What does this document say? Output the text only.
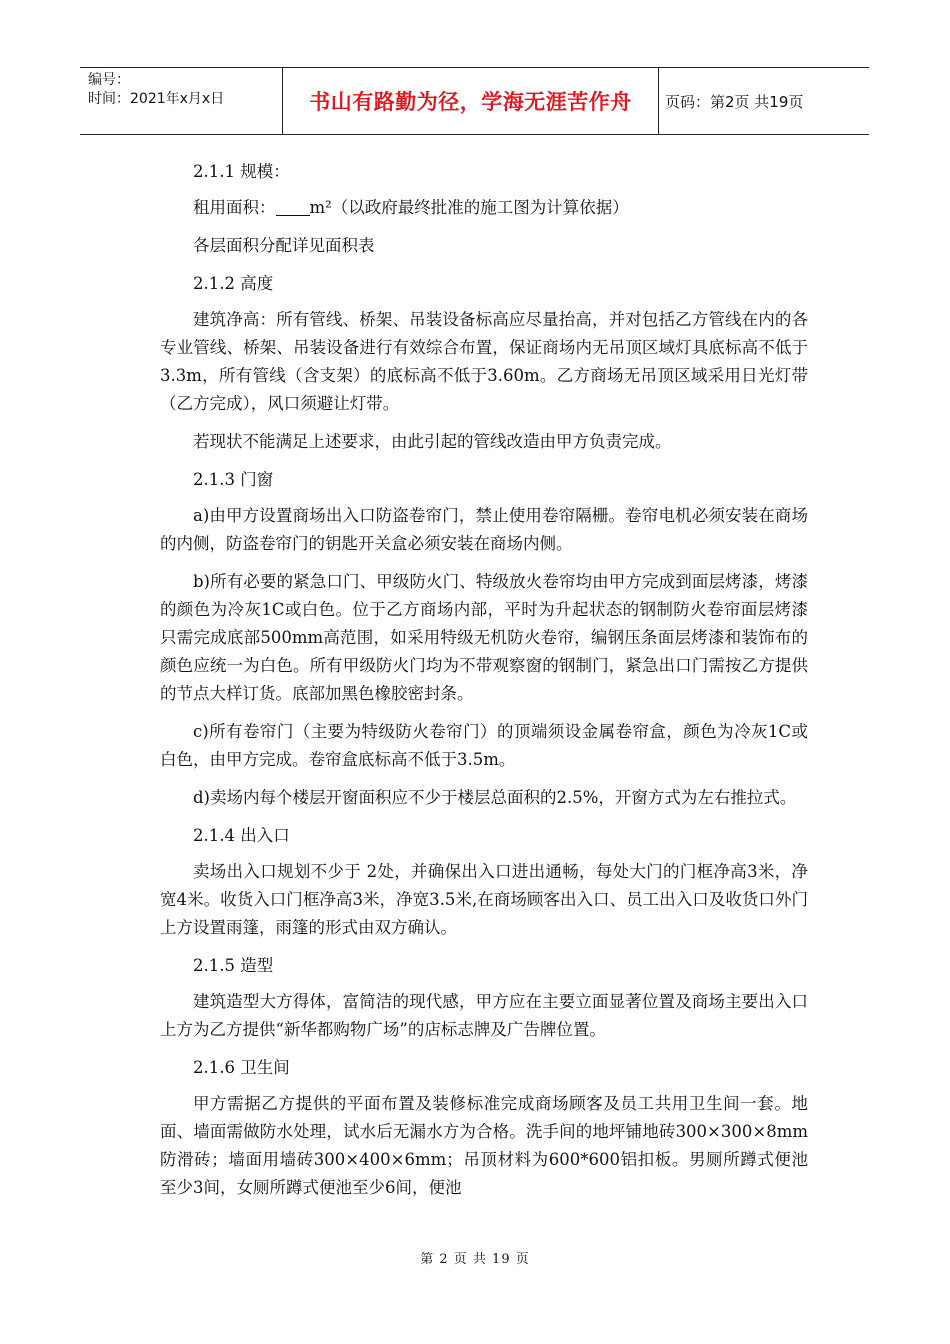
编号：
时间：2021年x月x日	书山有路勤为径，学海无涯苦作舟	页码：第2页 共19页

2.1.1 规模：

租用面积： m²（以政府最终批准的施工图为计算依据）

各层面积分配详见面积表

2.1.2 高度

建筑净高：所有管线、桥架、吊装设备标高应尽量抬高，并对包括乙方管线在内的各专业管线、桥架、吊装设备进行有效综合布置，保证商场内无吊顶区域灯具底标高不低于3.3m，所有管线（含支架）的底标高不低于3.60m。乙方商场无吊顶区域采用日光灯带（乙方完成），风口须避让灯带。

若现状不能满足上述要求，由此引起的管线改造由甲方负责完成。

2.1.3 门窗

a)由甲方设置商场出入口防盗卷帘门，禁止使用卷帘隔栅。卷帘电机必须安装在商场的内侧，防盗卷帘门的钥匙开关盒必须安装在商场内侧。

b)所有必要的紧急口门、甲级防火门、特级放火卷帘均由甲方完成到面层烤漆，烤漆的颜色为冷灰1C或白色。位于乙方商场内部，平时为升起状态的钢制防火卷帘面层烤漆只需完成底部500mm高范围，如采用特级无机防火卷帘，编钢压条面层烤漆和装饰布的颜色应统一为白色。所有甲级防火门均为不带观察窗的钢制门，紧急出口门需按乙方提供的节点大样订货。底部加黑色橡胶密封条。

c)所有卷帘门（主要为特级防火卷帘门）的顶端须设金属卷帘盒，颜色为冷灰1C或白色，由甲方完成。卷帘盒底标高不低于3.5m。

d)卖场内每个楼层开窗面积应不少于楼层总面积的2.5%，开窗方式为左右推拉式。

2.1.4 出入口

卖场出入口规划不少于 2处，并确保出入口进出通畅，每处大门的门框净高3米，净宽4米。收货入口门框净高3米，净宽3.5米,在商场顾客出入口、员工出入口及收货口外门上方设置雨篷，雨篷的形式由双方确认。

2.1.5 造型

建筑造型大方得体，富简洁的现代感，甲方应在主要立面显著位置及商场主要出入口上方为乙方提供“新华都购物广场”的店标志牌及广告牌位置。

2.1.6 卫生间

甲方需据乙方提供的平面布置及装修标准完成商场顾客及员工共用卫生间一套。地面、墙面需做防水处理，试水后无漏水方为合格。洗手间的地坪铺地砖300×300×8mm防滑砖；墙面用墙砖300×400×6mm；吊顶材料为600*600铝扣板。男厕所蹲式便池至少3间，女厕所蹲式便池至少6间，便池

第 2 页 共 19 页
